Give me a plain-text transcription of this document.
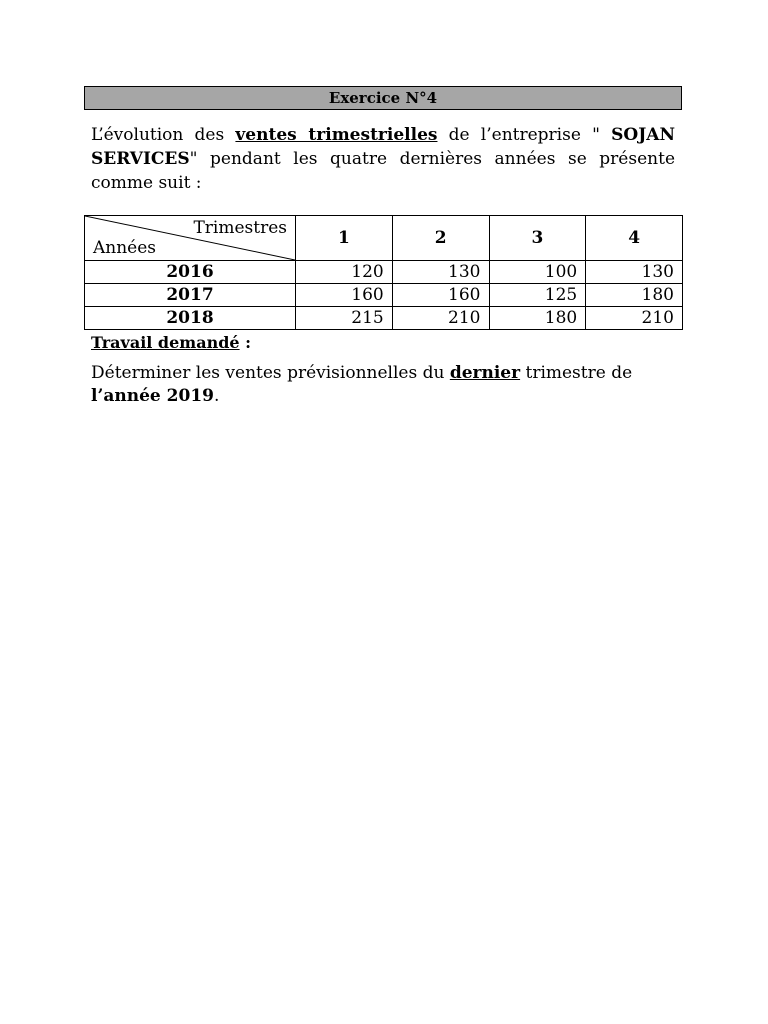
Exercice N°4
L’évolution des ventes trimestrielles de l’entreprise " SOJAN SERVICES" pendant les quatre dernières années se présente comme suit :
Trimestres
Années	1	2	3	4
2016	120	130	100	130
2017	160	160	125	180
2018	215	210	180	210
Travail demandé :
Déterminer les ventes prévisionnelles du dernier trimestre de l’année 2019.
